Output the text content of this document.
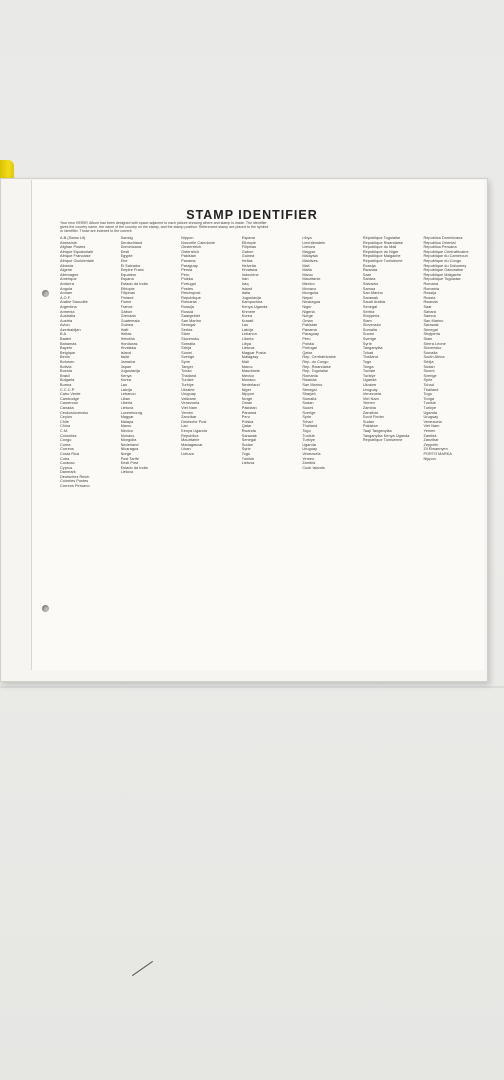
STAMP IDENTIFIER
Your new HERBY Album has been designed with space adjacent to each picture showing where and stamp is made. The identifier gives the country name, the name of the country on the stamp, and the stamp position. Referenced stamp are placed to the symbol or identifier. Those are indexed to the current.
A.B.(Swiss Lit)
Abessinie
Afghan Postes
Afrique Equatoriale
Afrique Francaise
Afrique Occidentale
Albania
Algerie
Allemagne
Amerique
Andorra
Angola
Annam
A.O.F.
Arabie Saoudite
Argentina
Armenia
Australia
Austria
Avion
Azerbaidjan
B.A.
Baden
Bahamas
Bayern
Belgique
Benin
Bohmen
Bolivia
Bosnia
Brasil
Bulgaria
Burma
C.C.C.P.
Cabo Verde
Cambodge
Cameroun
Canada
Ceskoslovensko
Ceylon
Chile
China
C.M.
Colombia
Congo
Corea
Correos
Costa Rica
Cuba
Curacao
Cyprus
Danmark
Deutsches Reich
Colonies Postes
Correos Peruano
Danzig
Deutschland
Dominicana
Eesti
Egypte
Eire
El Salvador
Empire Franc
Equateur
Espana
Estado da India
Ethiopie
Filipinas
Finland
Fiume
France
Gabon
Grenada
Guatemala
Guinea
Haiti
Hellas
Helvetia
Honduras
Hrvatska
Island
Italia
Jamaica
Japan
Jugoslavija
Kenya
Korea
Lao
Latvija
Lebanon
Liban
Liberia
Lietuva
Luxembourg
Magyar
Malaya
Maroc
Mexico
Monaco
Mongolia
Nederland
Nicaragua
Norge
Post Tarife
Eesti Post
Estado da India
Lietuva
Nippon
Nouvelle Caledonie
Oesterreich
Osterreich
Pakistan
Panama
Paraguay
Persia
Peru
Polska
Portugal
Postes
Reichspost
Republique
Romania
Rossija
Russia
Saargebiet
San Marino
Senegal
Serbia
Siam
Slovensko
Somalia
Srbija
Suomi
Sverige
Syrie
Tanger
Tchad
Thailand
Tunisie
Turkiye
Ukraine
Uruguay
Vaticane
Venezuela
Viet Nam
Yemen
Zanzibar
Deutsche Post
Lao
Kenya Uganda
Republica
Mauritanie
Madagascar
Liban
Lietuva
Espana
Ethiopie
Filipinas
Gabon
Guinea
Hellas
Helvetia
Hrvatska
Indochine
Iran
Iraq
Island
Italia
Jugoslavija
Kampuchea
Kenya Uganda
Khmere
Korea
Kuwait
Lao
Latvija
Lebanon
Liberia
Libya
Lietuva
Magyar Posta
Malagasy
Mali
Maroc
Mauritanie
Mexico
Monaco
Nederland
Niger
Nippon
Norge
Oman
Pakistan
Panama
Peru
Polska
Qatar
Rwanda
Sarawak
Senegal
Sudan
Syrie
Togo
Tunisie
Lietuva
Libya
Liechtenstein
Lietuva
Magyar
Malaysia
Maldives
Mali
Malta
Maroc
Mauritanie
Mexico
Monaco
Mongolia
Nepal
Nicaragua
Niger
Nigeria
Norge
Oman
Pakistan
Panama
Paraguay
Peru
Polska
Portugal
Qatar
Rep. Centrafricaine
Rep. du Congo
Rep. Rwandaise
Rep. Togolaise
Romania
Rwanda
San Marino
Senegal
Sharjah
Somalia
Sudan
Suomi
Sverige
Syrie
Tchad
Thailand
Togo
Tunisie
Turkiye
Uganda
Uruguay
Venezuela
Yemen
Zambia
Cook Islands
Republique Togolaise
Republique Rwandaise
Republique du Mali
Republique du Niger
Republique Malgache
Republique Tunisienne
Rossija
Rwanda
Saar
Sahara
Salvador
Samoa
San Marino
Sarawak
Saudi Arabia
Senegal
Serbia
Shqiperia
Siam
Slovensko
Somalia
Suomi
Sverige
Syrie
Tanganyika
Tchad
Thailand
Togo
Tonga
Tunisie
Turkiye
Uganda
Ukraine
Uruguay
Venezuela
Viet Nam
Yemen
Zambia
Zanzibar
Scott Finder
Sudan
Pakistan
Taaji Tanganyika
Tanganyika Kenya Uganda
Republique Tunisienne
Republica Dominicana
Republica Oriental
Republica Peruana
Republique Centrafricaine
Republique du Cameroun
Republique du Congo
Republique du Dahomey
Republique Gabonaise
Republique Malgache
Republique Togolaise
Romana
Romania
Rossija
Russia
Rwanda
Saar
Sahara
Samoa
San Marino
Sarawak
Senegal
Shqiperia
Siam
Sierra Leone
Slovensko
Somalia
South Africa
Srbija
Sudan
Suomi
Sverige
Syrie
Tchad
Thailand
Togo
Tonga
Tunisie
Turkiye
Uganda
Uruguay
Venezuela
Viet Nam
Yemen
Zambia
Zanzibar
Zeppelin
Zil Elwannyen
PORTO MARKA
Nippon
